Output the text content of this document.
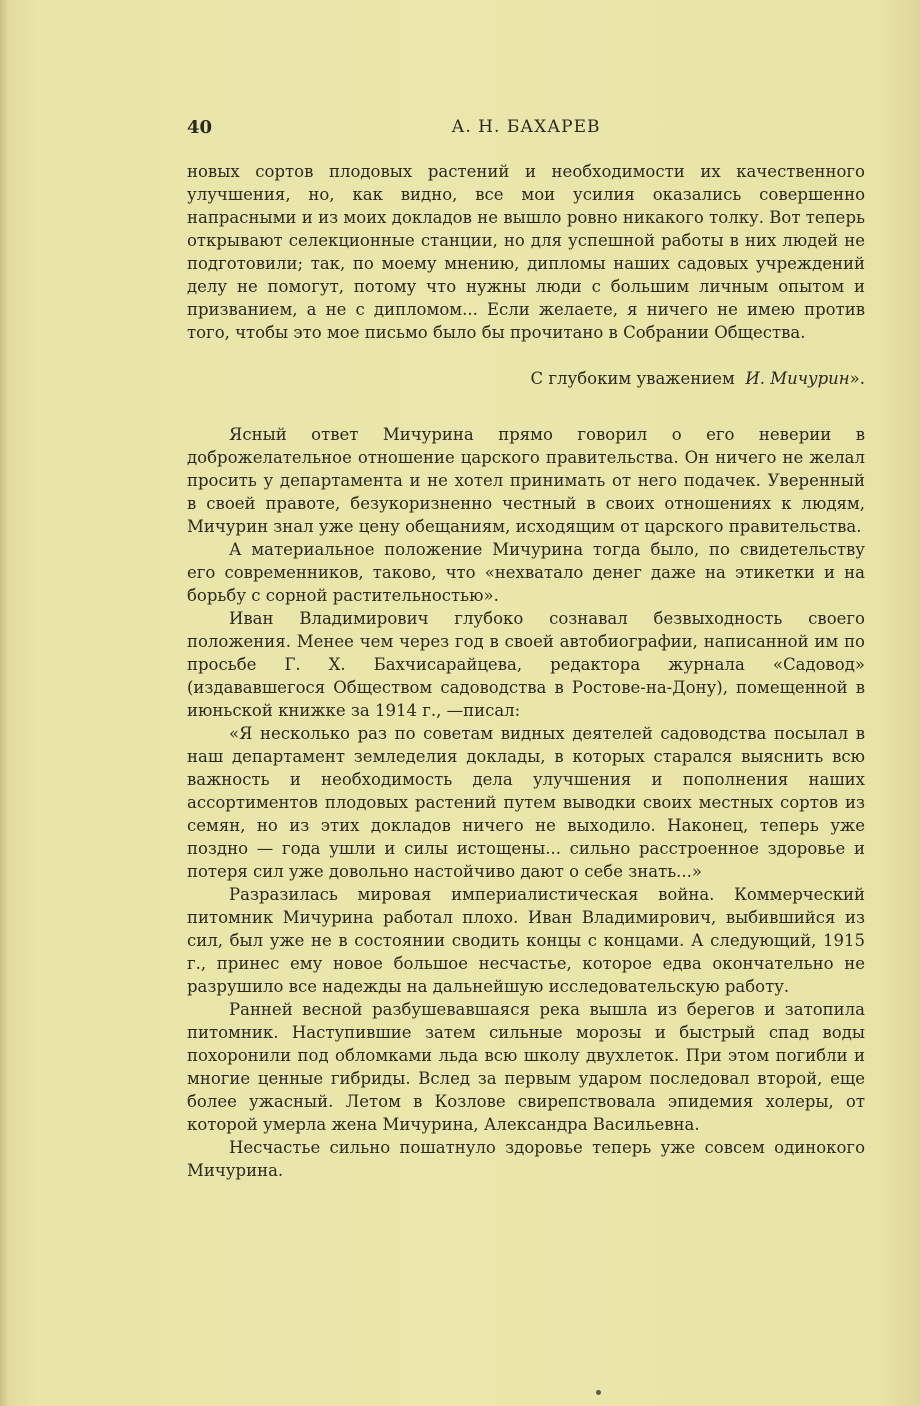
40	А. Н. БАХАРЕВ

новых сортов плодовых растений и необходимости их качественного улучшения, но, как видно, все мои усилия оказались совершенно напрасными и из моих докладов не вышло ровно никакого толку. Вот теперь открывают селекционные станции, но для успешной работы в них людей не подготовили; так, по моему мнению, дипломы наших садовых учреждений делу не помогут, потому что нужны люди с большим личным опытом и призванием, а не с дипломом... Если желаете, я ничего не имею против того, чтобы это мое письмо было бы прочитано в Собрании Общества.

С глубоким уважением И. Мичурин».

Ясный ответ Мичурина прямо говорил о его неверии в доброжелательное отношение царского правительства. Он ничего не желал просить у департамента и не хотел принимать от него подачек. Уверенный в своей правоте, безукоризненно честный в своих отношениях к людям, Мичурин знал уже цену обещаниям, исходящим от царского правительства.

А материальное положение Мичурина тогда было, по свидетельству его современников, таково, что «нехватало денег даже на этикетки и на борьбу с сорной растительностью».

Иван Владимирович глубоко сознавал безвыходность своего положения. Менее чем через год в своей автобиографии, написанной им по просьбе Г. Х. Бахчисарайцева, редактора журнала «Садовод» (издававшегося Обществом садоводства в Ростове-на-Дону), помещенной в июньской книжке за 1914 г., —писал:

«Я несколько раз по советам видных деятелей садоводства посылал в наш департамент земледелия доклады, в которых старался выяснить всю важность и необходимость дела улучшения и пополнения наших ассортиментов плодовых растений путем выводки своих местных сортов из семян, но из этих докладов ничего не выходило. Наконец, теперь уже поздно — года ушли и силы истощены... сильно расстроенное здоровье и потеря сил уже довольно настойчиво дают о себе знать...»

Разразилась мировая империалистическая война. Коммерческий питомник Мичурина работал плохо. Иван Владимирович, выбившийся из сил, был уже не в состоянии сводить концы с концами. А следующий, 1915 г., принес ему новое большое несчастье, которое едва окончательно не разрушило все надежды на дальнейшую исследовательскую работу.

Ранней весной разбушевавшаяся река вышла из берегов и затопила питомник. Наступившие затем сильные морозы и быстрый спад воды похоронили под обломками льда всю школу двухлеток. При этом погибли и многие ценные гибриды. Вслед за первым ударом последовал второй, еще более ужасный. Летом в Козлове свирепствовала эпидемия холеры, от которой умерла жена Мичурина, Александра Васильевна.

Несчастье сильно пошатнуло здоровье теперь уже совсем одинокого Мичурина.
